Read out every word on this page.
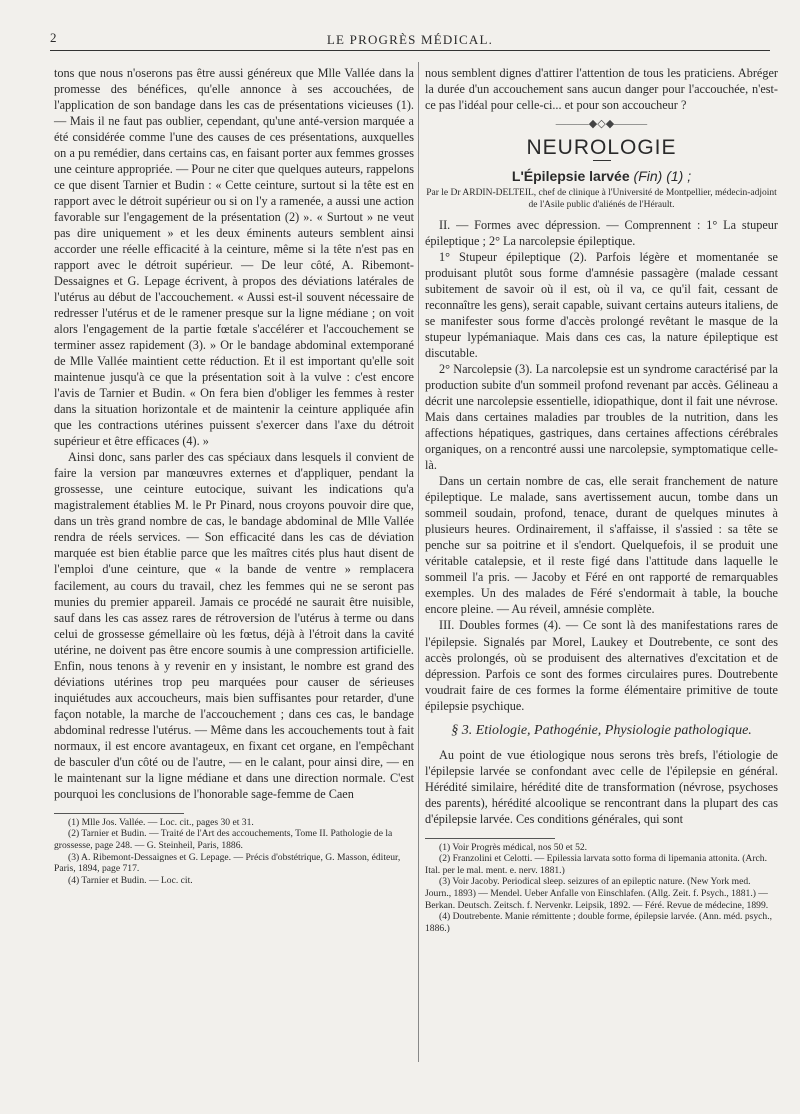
2	LE PROGRÈS MÉDICAL.

tons que nous n'oserons pas être aussi généreux que Mlle Vallée dans la promesse des bénéfices, qu'elle annonce à ses accouchées, de l'application de son bandage dans les cas de présentations vicieuses (1). — Mais il ne faut pas oublier, cependant, qu'une anté-version marquée a été considérée comme l'une des causes de ces présentations, auxquelles on a pu remédier, dans certains cas, en faisant porter aux femmes grosses une ceinture appropriée. — Pour ne citer que quelques auteurs, rappelons ce que disent Tarnier et Budin : « Cette ceinture, surtout si la tête est en rapport avec le détroit supérieur ou si on l'y a ramenée, a aussi une action favorable sur l'engagement de la présentation (2) ». « Surtout » ne veut pas dire uniquement » et les deux éminents auteurs semblent ainsi accorder une réelle efficacité à la ceinture, même si la tête n'est pas en rapport avec le détroit supérieur. — De leur côté, A. Ribemont-Dessaignes et G. Lepage écrivent, à propos des déviations latérales de l'utérus au début de l'accouchement. « Aussi est-il souvent nécessaire de redresser l'utérus et de le ramener presque sur la ligne médiane ; on voit alors l'engagement de la partie fœtale s'accélérer et l'accouchement se terminer assez rapidement (3). » Or le bandage abdominal extemporané de Mlle Vallée maintient cette réduction. Et il est important qu'elle soit maintenue jusqu'à ce que la présentation soit à la vulve : c'est encore l'avis de Tarnier et Budin. « On fera bien d'obliger les femmes à rester dans la situation horizontale et de maintenir la ceinture appliquée afin que les contractions utérines puissent s'exercer dans l'axe du détroit supérieur et être efficaces (4). »

Ainsi donc, sans parler des cas spéciaux dans lesquels il convient de faire la version par manœuvres externes et d'appliquer, pendant la grossesse, une ceinture eutocique, suivant les indications qu'a magistralement établies M. le Pr Pinard, nous croyons pouvoir dire que, dans un très grand nombre de cas, le bandage abdominal de Mlle Vallée rendra de réels services. — Son efficacité dans les cas de déviation marquée est bien établie parce que les maîtres cités plus haut disent de l'emploi d'une ceinture, que « la bande de ventre » remplacera facilement, au cours du travail, chez les femmes qui ne se seront pas munies du premier appareil. Jamais ce procédé ne saurait être nuisible, sauf dans les cas assez rares de rétroversion de l'utérus à terme ou dans celui de grossesse gémellaire où les fœtus, déjà à l'étroit dans la cavité utérine, ne doivent pas être encore soumis à une compression artificielle. Enfin, nous tenons à y revenir en y insistant, le nombre est grand des déviations utérines trop peu marquées pour causer de sérieuses inquiétudes aux accoucheurs, mais bien suffisantes pour retarder, d'une façon notable, la marche de l'accouchement ; dans ces cas, le bandage abdominal redresse l'utérus. — Même dans les accouchements tout à fait normaux, il est encore avantageux, en fixant cet organe, en l'empêchant de basculer d'un côté ou de l'autre, — en le calant, pour ainsi dire, — en le maintenant sur la ligne médiane et dans une direction normale. C'est pourquoi les conclusions de l'honorable sage-femme de Caen

(1) Mlle Jos. Vallée. — Loc. cit., pages 30 et 31.

(2) Tarnier et Budin. — Traité de l'Art des accouchements, Tome II. Pathologie de la grossesse, page 248. — G. Steinheil, Paris, 1886.

(3) A. Ribemont-Dessaignes et G. Lepage. — Précis d'obstétrique, G. Masson, éditeur, Paris, 1894, page 717.

(4) Tarnier et Budin. — Loc. cit.

nous semblent dignes d'attirer l'attention de tous les praticiens. Abréger la durée d'un accouchement sans aucun danger pour l'accouchée, n'est-ce pas l'idéal pour celle-ci... et pour son accoucheur ?

———◆◇◆———
NEUROLOGIE
L'Épilepsie larvée (Fin) (1) ;
Par le Dr ARDIN-DELTEIL, chef de clinique à l'Université de Montpellier, médecin-adjoint de l'Asile public d'aliénés de l'Hérault.

II. — Formes avec dépression. — Comprennent : 1° La stupeur épileptique ; 2° La narcolepsie épileptique.

1° Stupeur épileptique (2). Parfois légère et momentanée se produisant plutôt sous forme d'amnésie passagère (malade cessant subitement de savoir où il est, où il va, ce qu'il fait, cessant de reconnaître les gens), serait capable, suivant certains auteurs italiens, de se manifester sous forme d'accès prolongé revêtant le masque de la stupeur lypémaniaque. Mais dans ces cas, la nature épileptique est discutable.

2° Narcolepsie (3). La narcolepsie est un syndrome caractérisé par la production subite d'un sommeil profond revenant par accès. Gélineau a décrit une narcolepsie essentielle, idiopathique, dont il fait une névrose. Mais dans certaines maladies par troubles de la nutrition, dans les affections hépatiques, gastriques, dans certaines affections cérébrales organiques, on a rencontré aussi une narcolepsie, symptomatique celle-là.

Dans un certain nombre de cas, elle serait franchement de nature épileptique. Le malade, sans avertissement aucun, tombe dans un sommeil soudain, profond, tenace, durant de quelques minutes à plusieurs heures. Ordinairement, il s'affaisse, il s'assied : sa tête se penche sur sa poitrine et il s'endort. Quelquefois, il se produit une véritable catalepsie, et il reste figé dans l'attitude dans laquelle le sommeil l'a pris. — Jacoby et Féré en ont rapporté de remarquables exemples. Un des malades de Féré s'endormait à table, la bouche encore pleine. — Au réveil, amnésie complète.

III. Doubles formes (4). — Ce sont là des manifestations rares de l'épilepsie. Signalés par Morel, Laukey et Doutrebente, ce sont des accès prolongés, où se produisent des alternatives d'excitation et de dépression. Parfois ce sont des formes circulaires pures. Doutrebente voudrait faire de ces formes la forme élémentaire primitive de toute épilepsie psychique.

§ 3. Etiologie, Pathogénie, Physiologie pathologique.

Au point de vue étiologique nous serons très brefs, l'étiologie de l'épilepsie larvée se confondant avec celle de l'épilepsie en général. Hérédité similaire, hérédité dite de transformation (névrose, psychoses des parents), hérédité alcoolique se rencontrant dans la plupart des cas d'épilepsie larvée. Ces conditions générales, qui sont

(1) Voir Progrès médical, nos 50 et 52.

(2) Franzolini et Celotti. — Epilessia larvata sotto forma di lipemania attonita. (Arch. Ital. per le mal. ment. e. nerv. 1881.)

(3) Voir Jacoby. Periodical sleep. seizures of an epileptic nature. (New York med. Journ., 1893) — Mendel. Ueber Anfalle von Einschlafen. (Allg. Zeit. f. Psych., 1881.) — Berkan. Deutsch. Zeitsch. f. Nervenkr. Leipsik, 1892. — Féré. Revue de médecine, 1899.

(4) Doutrebente. Manie rémittente ; double forme, épilepsie larvée. (Ann. méd. psych., 1886.)
